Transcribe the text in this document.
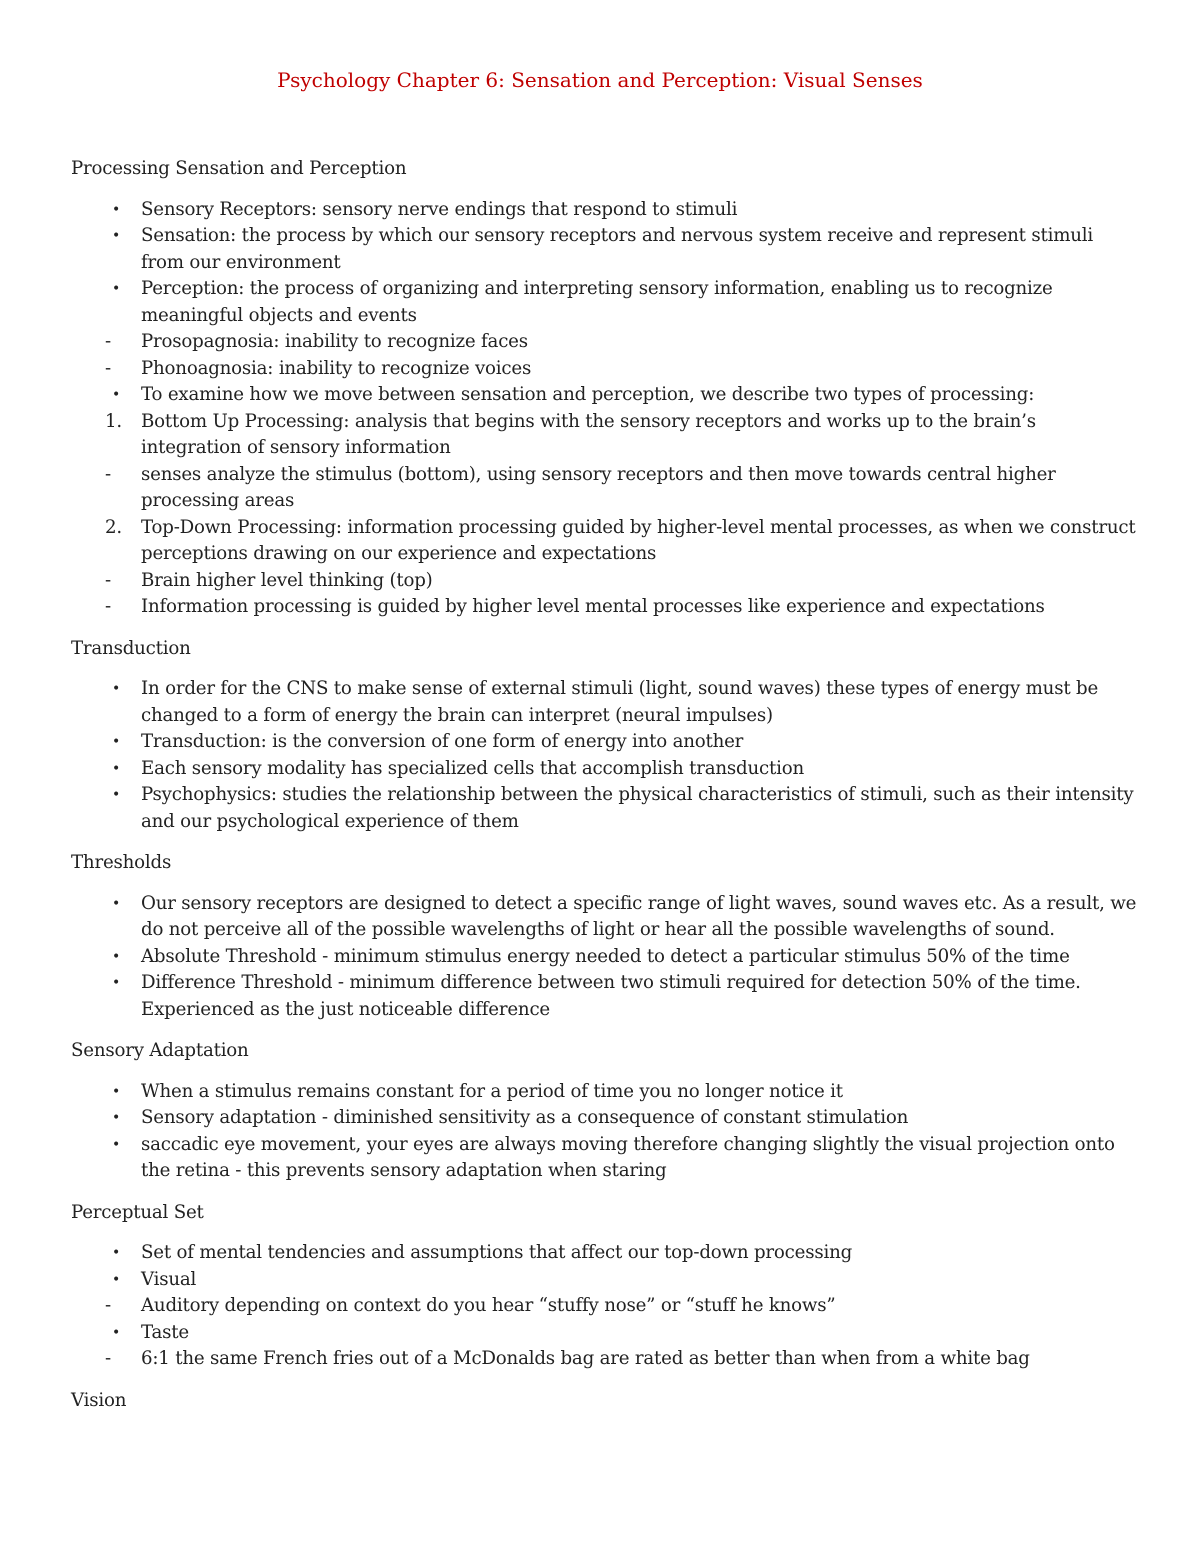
Psychology Chapter 6: Sensation and Perception: Visual Senses
Processing Sensation and Perception
•	Sensory Receptors: sensory nerve endings that respond to stimuli
•	Sensation: the process by which our sensory receptors and nervous system receive and represent stimuli from our environment
•	Perception: the process of organizing and interpreting sensory information, enabling us to recognize meaningful objects and events
-	Prosopagnosia: inability to recognize faces
-	Phonoagnosia: inability to recognize voices
•	To examine how we move between sensation and perception, we describe two types of processing:
1.	Bottom Up Processing: analysis that begins with the sensory receptors and works up to the brain’s integration of sensory information
-	senses analyze the stimulus (bottom), using sensory receptors and then move towards central higher processing areas
2.	Top-Down Processing: information processing guided by higher-level mental processes, as when we construct perceptions drawing on our experience and expectations
-	Brain higher level thinking (top)
-	Information processing is guided by higher level mental processes like experience and expectations
Transduction
•	In order for the CNS to make sense of external stimuli (light, sound waves) these types of energy must be changed to a form of energy the brain can interpret (neural impulses)
•	Transduction: is the conversion of one form of energy into another
•	Each sensory modality has specialized cells that accomplish transduction
•	Psychophysics: studies the relationship between the physical characteristics of stimuli, such as their intensity and our psychological experience of them
Thresholds
•	Our sensory receptors are designed to detect a specific range of light waves, sound waves etc. As a result, we do not perceive all of the possible wavelengths of light or hear all the possible wavelengths of sound.
•	Absolute Threshold - minimum stimulus energy needed to detect a particular stimulus 50% of the time
•	Difference Threshold - minimum difference between two stimuli required for detection 50% of the time. Experienced as the just noticeable difference
Sensory Adaptation
•	When a stimulus remains constant for a period of time you no longer notice it
•	Sensory adaptation - diminished sensitivity as a consequence of constant stimulation
•	saccadic eye movement, your eyes are always moving therefore changing slightly the visual projection onto the retina - this prevents sensory adaptation when staring
Perceptual Set
•	Set of mental tendencies and assumptions that affect our top-down processing
•	Visual
-	Auditory depending on context do you hear “stuffy nose” or “stuff he knows”
•	Taste
-	6:1 the same French fries out of a McDonalds bag are rated as better than when from a white bag
Vision
